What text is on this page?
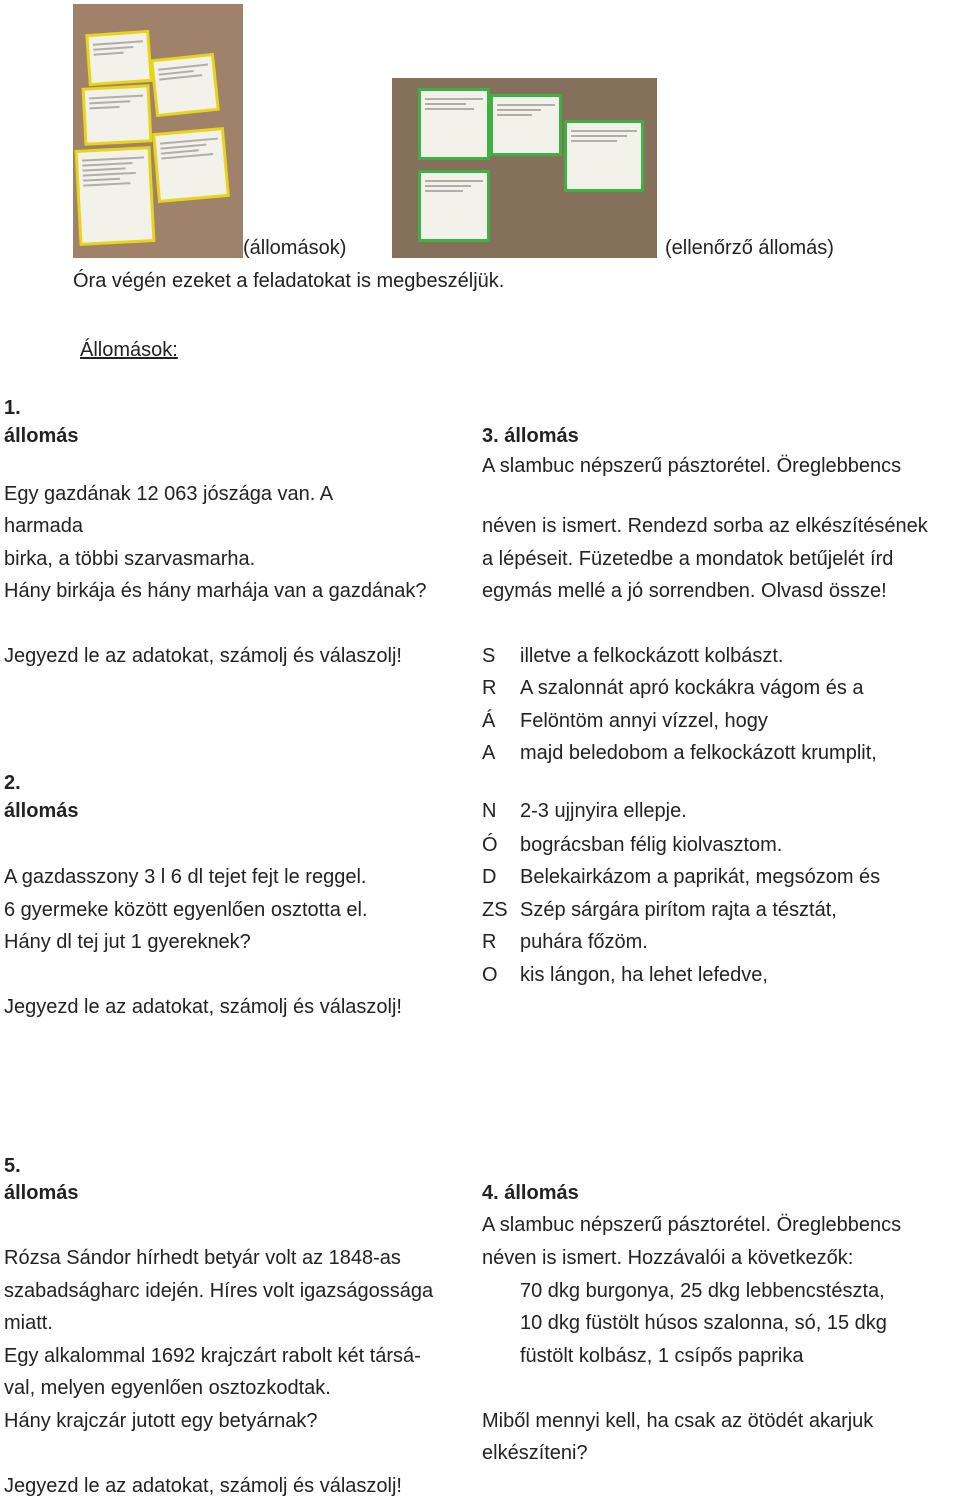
(állomások)	(ellenőrző állomás)
Óra végén ezeket a feladatokat is megbeszéljük.
Állomások:
1.
állomás
Egy gazdának 12 063 jószága van. A
harmada
birka, a többi szarvasmarha.
Hány birkája és hány marhája van a gazdának?
Jegyezd le az adatokat, számolj és válaszolj!
2.
állomás
A gazdasszony 3 l 6 dl tejet fejt le reggel.
6 gyermeke között egyenlően osztotta el.
Hány dl tej jut 1 gyereknek?
Jegyezd le az adatokat, számolj és válaszolj!
3. állomás
A slambuc népszerű pásztorétel. Öreglebbencs
néven is ismert. Rendezd sorba az elkészítésének
a lépéseit. Füzetedbe a mondatok betűjelét írd
egymás mellé a jó sorrendben. Olvasd össze!
S illetve a felkockázott kolbászt.
R A szalonnát apró kockákra vágom és a
Á Felöntöm annyi vízzel, hogy
A majd beledobom a felkockázott krumplit,
N 2-3 ujjnyira ellepje.
Ó bográcsban félig kiolvasztom.
D Belekairkázom a paprikát, megsózom és
ZS Szép sárgára pirítom rajta a tésztát,
R puhára főzöm.
O kis lángon, ha lehet lefedve,
5.
állomás
Rózsa Sándor hírhedt betyár volt az 1848-as
szabadságharc idején. Híres volt igazságossága
miatt.
Egy alkalommal 1692 krajczárt rabolt két társá-
val, melyen egyenlően osztozkodtak.
Hány krajczár jutott egy betyárnak?
Jegyezd le az adatokat, számolj és válaszolj!
4. állomás
A slambuc népszerű pásztorétel. Öreglebbencs
néven is ismert. Hozzávalói a következők:
70 dkg burgonya, 25 dkg lebbencstészta,
10 dkg füstölt húsos szalonna, só, 15 dkg
füstölt kolbász, 1 csípős paprika
Miből mennyi kell, ha csak az ötödét akarjuk
elkészíteni?
